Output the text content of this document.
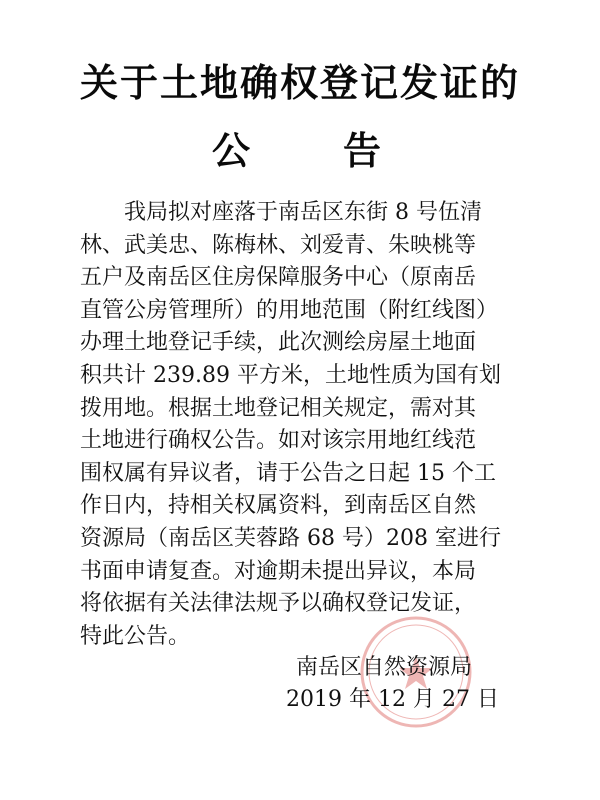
关于土地确权登记发证的
公 告
我局拟对座落于南岳区东街 8 号伍清
林、武美忠、陈梅林、刘爱青、朱映桃等
五户及南岳区住房保障服务中心（原南岳
直管公房管理所）的用地范围（附红线图）
办理土地登记手续，此次测绘房屋土地面
积共计 239.89 平方米，土地性质为国有划
拨用地。根据土地登记相关规定，需对其
土地进行确权公告。如对该宗用地红线范
围权属有异议者，请于公告之日起 15 个工
作日内，持相关权属资料，到南岳区自然
资源局（南岳区芙蓉路 68 号）208 室进行
书面申请复查。对逾期未提出异议，本局
将依据有关法律法规予以确权登记发证，
特此公告。
南岳区自然资源局
2019 年 12 月 27 日
